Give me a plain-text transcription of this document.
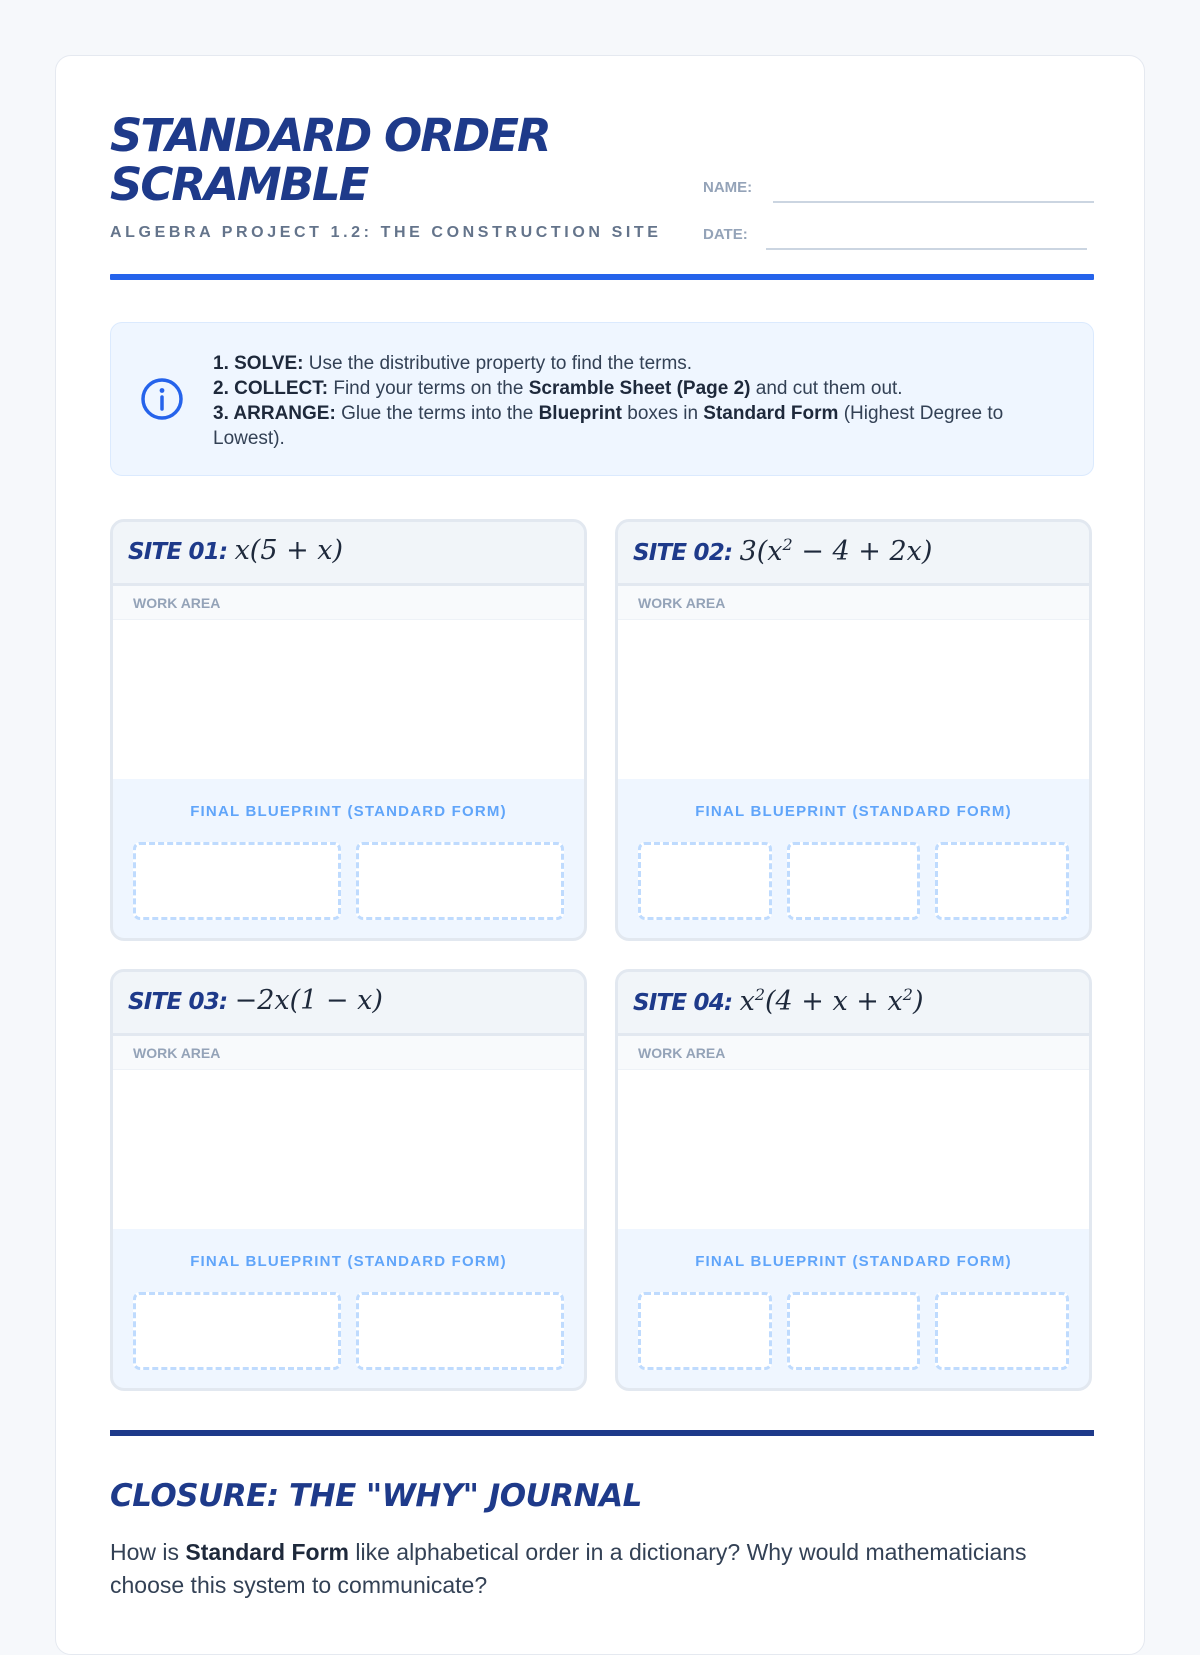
STANDARD ORDER
SCRAMBLE
ALGEBRA PROJECT 1.2: THE CONSTRUCTION SITE
NAME:
DATE:
1. SOLVE: Use the distributive property to find the terms.
2. COLLECT: Find your terms on the Scramble Sheet (Page 2) and cut them out.
3. ARRANGE: Glue the terms into the Blueprint boxes in Standard Form (Highest Degree to Lowest).
SITE 01: x(5 + x)
WORK AREA
FINAL BLUEPRINT (STANDARD FORM)
SITE 02: $3(x^2 - 4 + 2x)$
WORK AREA
FINAL BLUEPRINT (STANDARD FORM)
SITE 03: −2x(1 − x)
WORK AREA
FINAL BLUEPRINT (STANDARD FORM)
SITE 04: $x^2(4 + x + x^2)$
WORK AREA
FINAL BLUEPRINT (STANDARD FORM)
CLOSURE: THE "WHY" JOURNAL
How is Standard Form like alphabetical order in a dictionary? Why would mathematicians choose this system to communicate?
